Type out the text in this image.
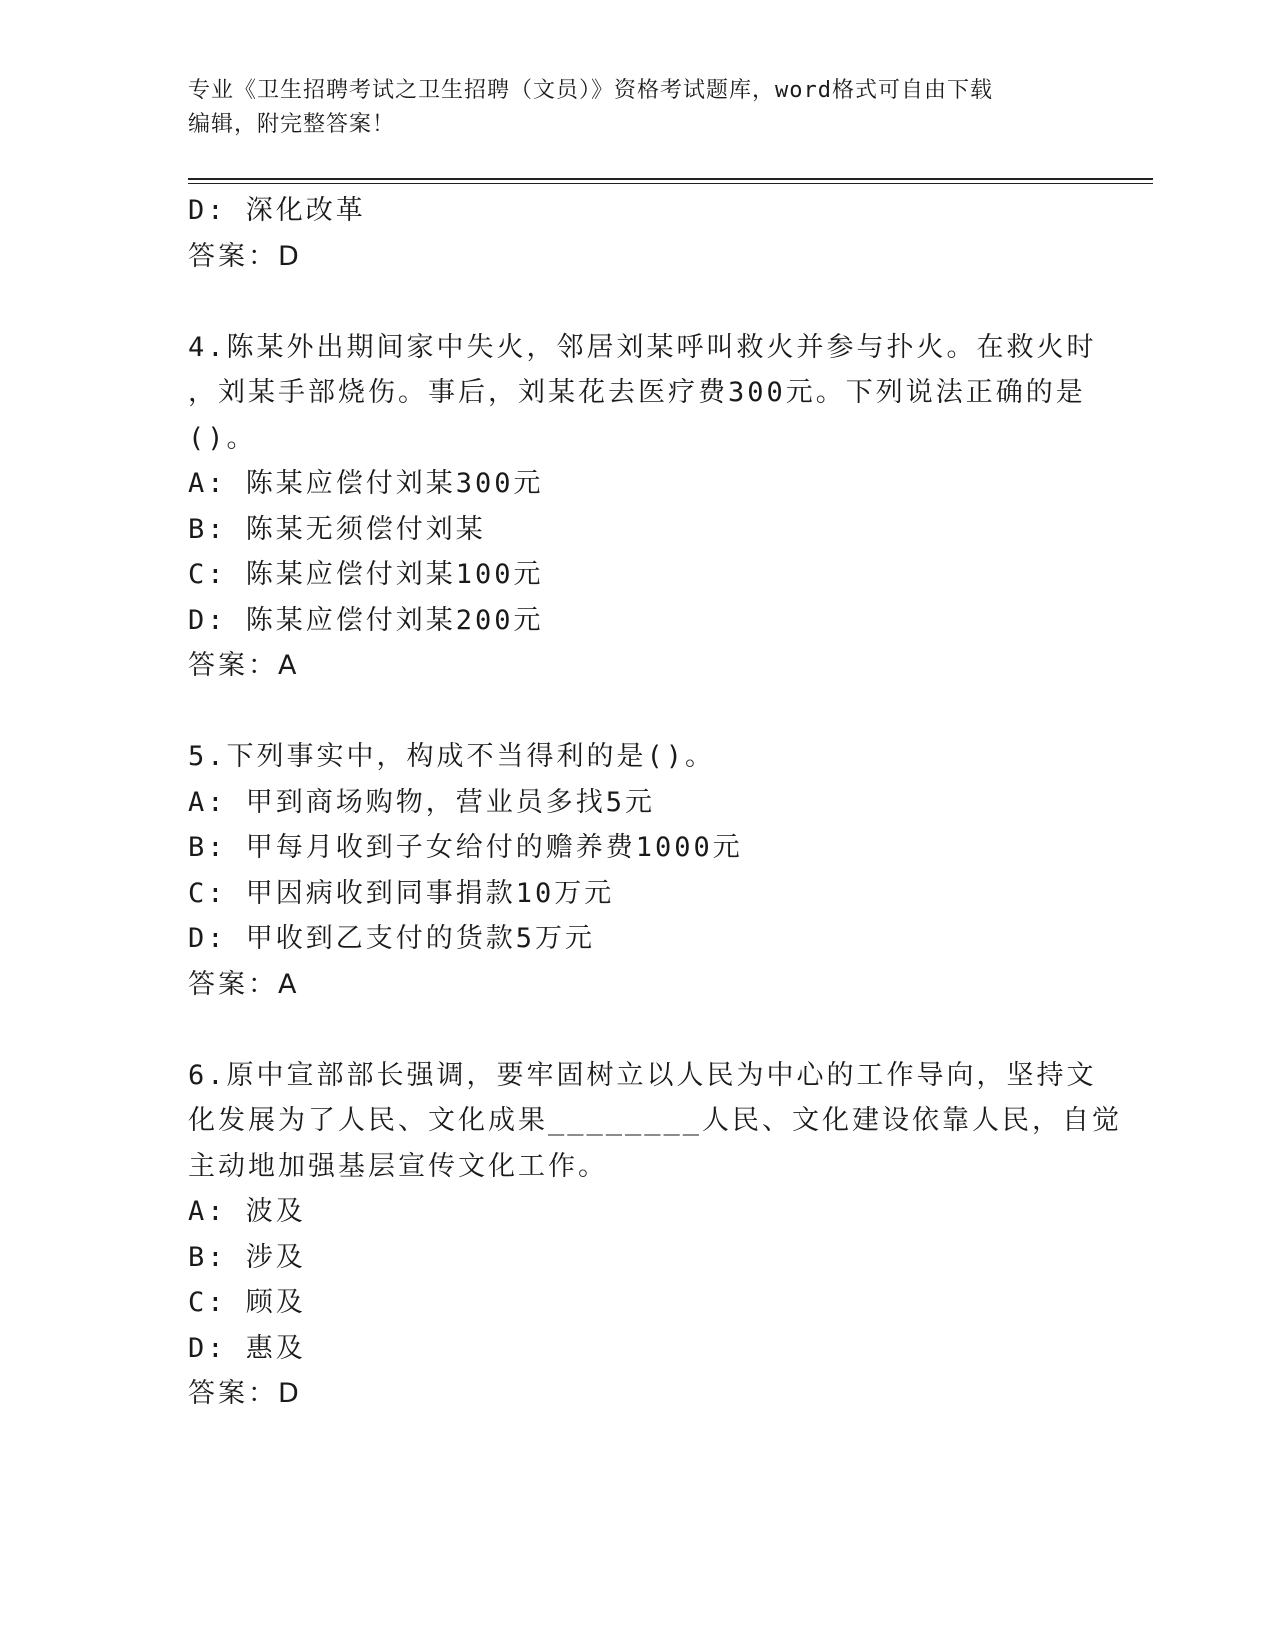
专业《卫生招聘考试之卫生招聘（文员）》资格考试题库，word格式可自由下载
编辑，附完整答案！
D: 深化改革
答案：D
4.陈某外出期间家中失火，邻居刘某呼叫救火并参与扑火。在救火时
，刘某手部烧伤。事后，刘某花去医疗费300元。下列说法正确的是
()。
A: 陈某应偿付刘某300元
B: 陈某无须偿付刘某
C: 陈某应偿付刘某100元
D: 陈某应偿付刘某200元
答案：A
5.下列事实中，构成不当得利的是()。
A: 甲到商场购物，营业员多找5元
B: 甲每月收到子女给付的赡养费1000元
C: 甲因病收到同事捐款10万元
D: 甲收到乙支付的货款5万元
答案：A
6.原中宣部部长强调，要牢固树立以人民为中心的工作导向，坚持文
化发展为了人民、文化成果________人民、文化建设依靠人民，自觉
主动地加强基层宣传文化工作。
A: 波及
B: 涉及
C: 顾及
D: 惠及
答案：D
